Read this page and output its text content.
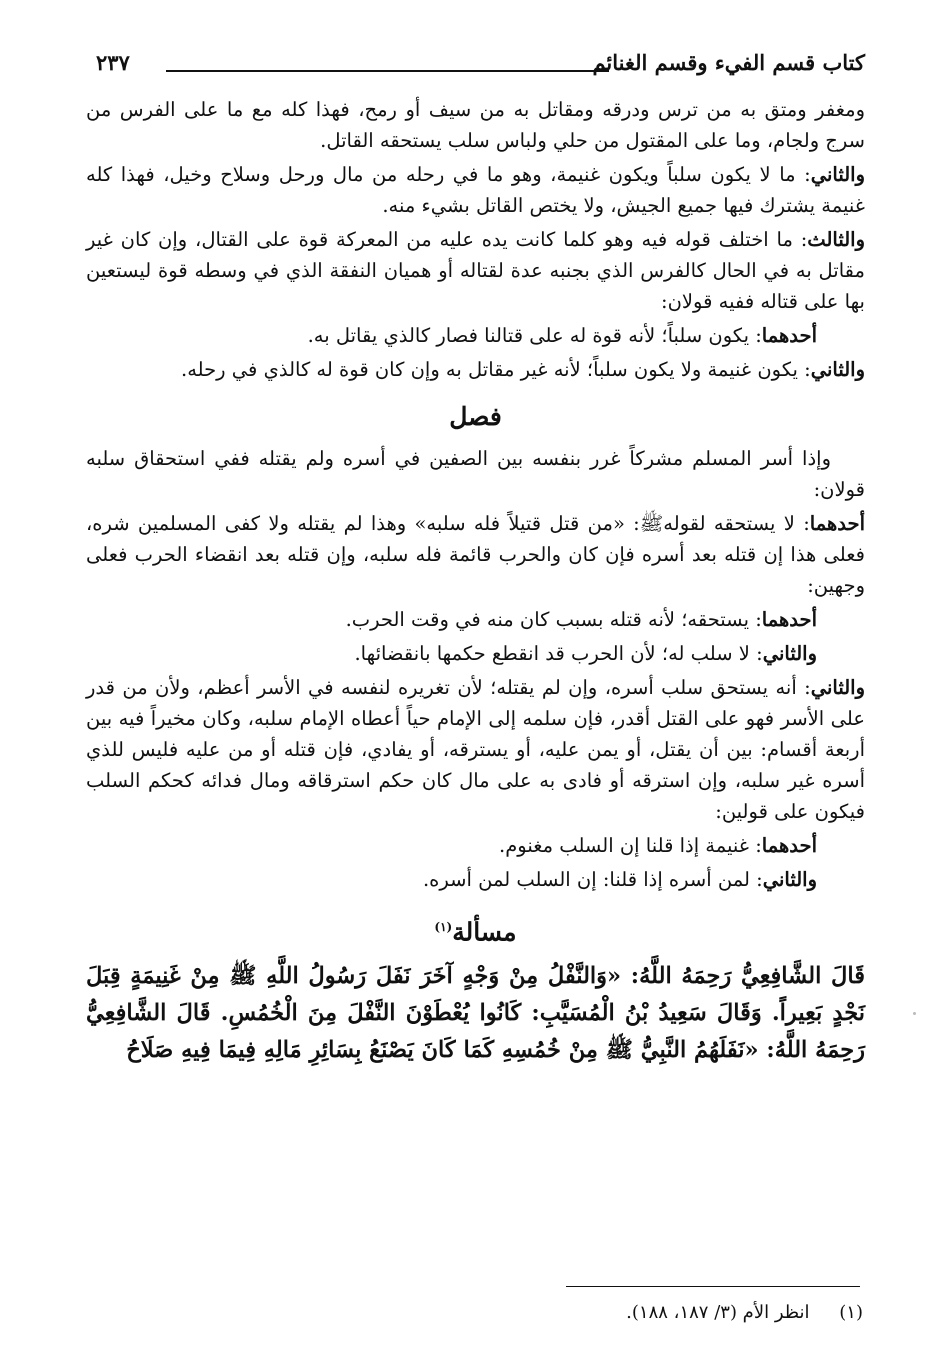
كتاب قسم الفيء وقسم الغنائم
٢٣٧

ومغفر ومتق به من ترس ودرقه ومقاتل به من سيف أو رمح، فهذا كله مع ما على الفرس من سرج ولجام، وما على المقتول من حلي ولباس سلب يستحقه القاتل.

والثاني: ما لا يكون سلباً ويكون غنيمة، وهو ما في رحله من مال ورحل وسلاح وخيل، فهذا كله غنيمة يشترك فيها جميع الجيش، ولا يختص القاتل بشيء منه.

والثالث: ما اختلف قوله فيه وهو كلما كانت يده عليه من المعركة قوة على القتال، وإن كان غير مقاتل به في الحال كالفرس الذي بجنبه عدة لقتاله أو هميان النفقة الذي في وسطه قوة ليستعين بها على قتاله ففيه قولان:

أحدهما: يكون سلباً؛ لأنه قوة له على قتالنا فصار كالذي يقاتل به.

والثاني: يكون غنيمة ولا يكون سلباً؛ لأنه غير مقاتل به وإن كان قوة له كالذي في رحله.

فصل

وإذا أسر المسلم مشركاً غرر بنفسه بين الصفين في أسره ولم يقتله ففي استحقاق سلبه قولان:

أحدهما: لا يستحقه لقولهﷺ: «من قتل قتيلاً فله سلبه» وهذا لم يقتله ولا كفى المسلمين شره، فعلى هذا إن قتله بعد أسره فإن كان والحرب قائمة فله سلبه، وإن قتله بعد انقضاء الحرب فعلى وجهين:

أحدهما: يستحقه؛ لأنه قتله بسبب كان منه في وقت الحرب.

والثاني: لا سلب له؛ لأن الحرب قد انقطع حكمها بانقضائها.

والثاني: أنه يستحق سلب أسره، وإن لم يقتله؛ لأن تغريره لنفسه في الأسر أعظم، ولأن من قدر على الأسر فهو على القتل أقدر، فإن سلمه إلى الإمام حياً أعطاه الإمام سلبه، وكان مخيراً فيه بين أربعة أقسام: بين أن يقتل، أو يمن عليه، أو يسترقه، أو يفادي، فإن قتله أو من عليه فليس للذي أسره غير سلبه، وإن استرقه أو فادى به على مال كان حكم استرقاقه ومال فدائه كحكم السلب فيكون على قولين:

أحدهما: غنيمة إذا قلنا إن السلب مغنوم.

والثاني: لمن أسره إذا قلنا: إن السلب لمن أسره.

مسألة$^{(١)}$

قَالَ الشَّافِعِيُّ رَحِمَهُ اللَّهُ: «وَالنَّفْلُ مِنْ وَجْهٍ آخَرَ نَفَلَ رَسُولُ اللَّهِ ﷺ مِنْ غَنِيمَةٍ قِبَلَ نَجْدٍ بَعِيراً. وَقَالَ سَعِيدُ بْنُ الْمُسَيَّبِ: كَانُوا يُعْطَوْنَ النَّفْلَ مِنَ الْخُمُسِ. قَالَ الشَّافِعِيُّ رَحِمَهُ اللَّهُ: «نَفَلَهُمُ النَّبِيُّ ﷺ مِنْ خُمُسِهِ كَمَا كَانَ يَصْنَعُ بِسَائِرِ مَالِهِ فِيمَا فِيهِ صَلَاحُ

(١) انظر الأم (٣/ ١٨٧، ١٨٨).
